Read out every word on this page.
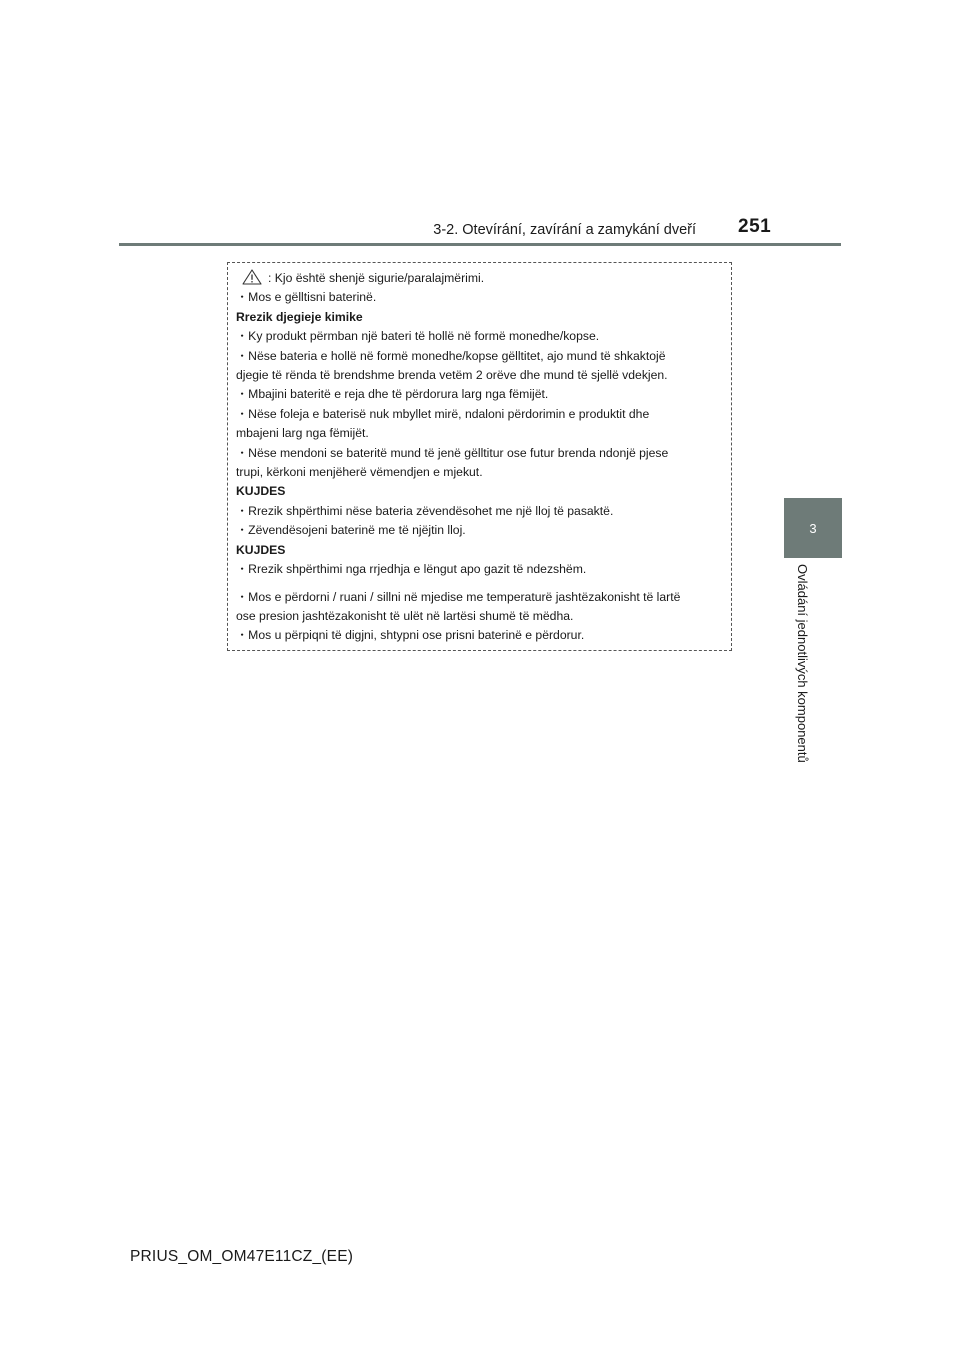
3-2. Otevírání, zavírání a zamykání dveří 251
3
Ovládání jednotlivých komponentů
: Kjo është shenjë sigurie/paralajmërimi.
・Mos e gëlltisni baterinë.
Rrezik djegieje kimike
・Ky produkt përmban një bateri të hollë në formë monedhe/kopse.
・Nëse bateria e hollë në formë monedhe/kopse gëlltitet, ajo mund të shkaktojë
djegie të rënda të brendshme brenda vetëm 2 orëve dhe mund të sjellë vdekjen.
・Mbajini bateritë e reja dhe të përdorura larg nga fëmijët.
・Nëse foleja e baterisë nuk mbyllet mirë, ndaloni përdorimin e produktit dhe
mbajeni larg nga fëmijët.
・Nëse mendoni se bateritë mund të jenë gëlltitur ose futur brenda ndonjë pjese
trupi, kërkoni menjëherë vëmendjen e mjekut.
KUJDES
・Rrezik shpërthimi nëse bateria zëvendësohet me një lloj të pasaktë.
・Zëvendësojeni baterinë me të njëjtin lloj.
KUJDES
・Rrezik shpërthimi nga rrjedhja e lëngut apo gazit të ndezshëm.
・Mos e përdorni / ruani / sillni në mjedise me temperaturë jashtëzakonisht të lartë
ose presion jashtëzakonisht të ulët në lartësi shumë të mëdha.
・Mos u përpiqni të digjni, shtypni ose prisni baterinë e përdorur.
PRIUS_OM_OM47E11CZ_(EE)
